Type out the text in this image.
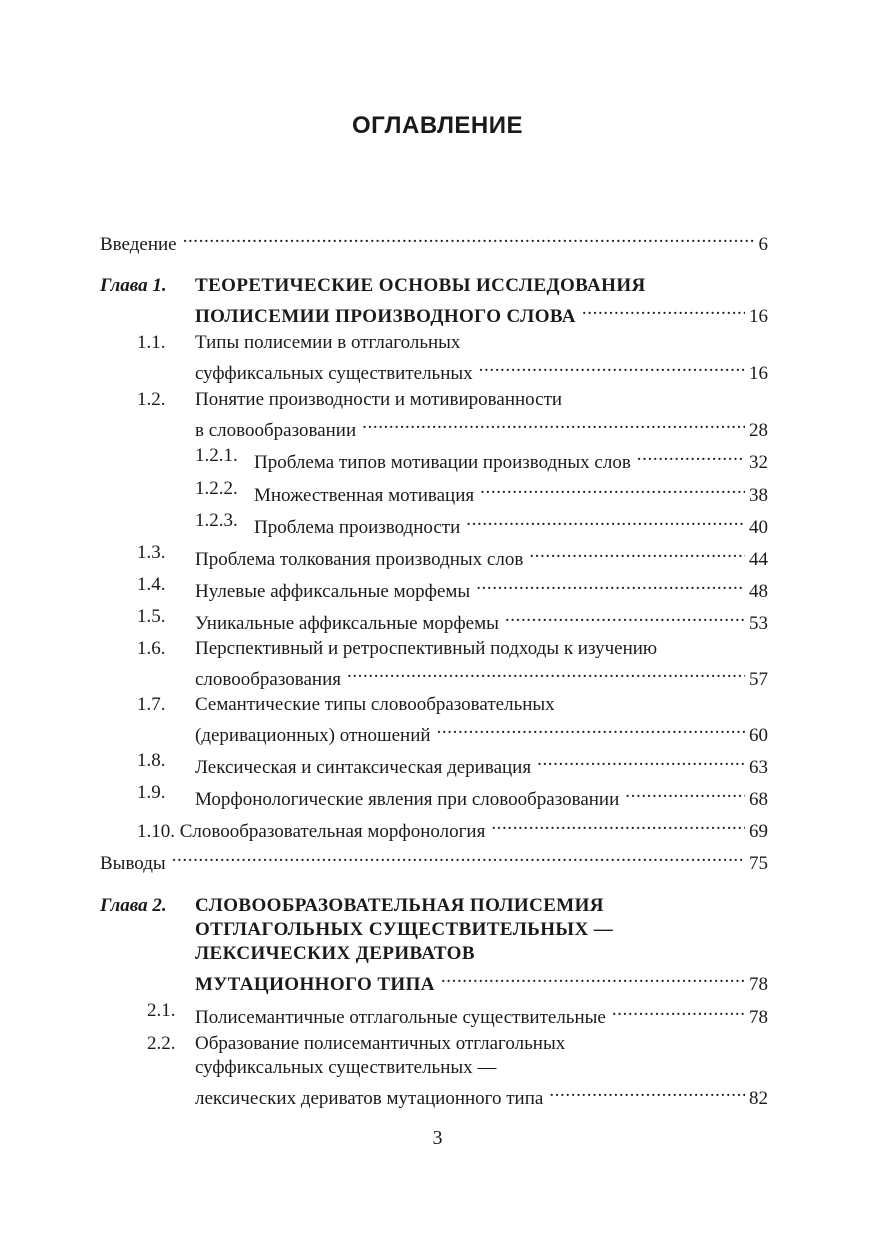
ОГЛАВЛЕНИЕ
Введение .....	6
Глава 1. ТЕОРЕТИЧЕСКИЕ ОСНОВЫ ИССЛЕДОВАНИЯ
ПОЛИСЕМИИ ПРОИЗВОДНОГО СЛОВА .....	16
1.1. Типы полисемии в отглагольных
суффиксальных существительных .....	16
1.2. Понятие производности и мотивированности
в словообразовании .....	28
1.2.1. Проблема типов мотивации производных слов .....	32
1.2.2. Множественная мотивация .....	38
1.2.3. Проблема производности .....	40
1.3. Проблема толкования производных слов .....	44
1.4. Нулевые аффиксальные морфемы .....	48
1.5. Уникальные аффиксальные морфемы .....	53
1.6. Перспективный и ретроспективный подходы к изучению
словообразования .....	57
1.7. Семантические типы словообразовательных
(деривационных) отношений .....	60
1.8. Лексическая и синтаксическая деривация .....	63
1.9. Морфонологические явления при словообразовании .....	68
1.10. Словообразовательная морфонология .....	69
Выводы .....	75
Глава 2. СЛОВООБРАЗОВАТЕЛЬНАЯ ПОЛИСЕМИЯ
ОТГЛАГОЛЬНЫХ СУЩЕСТВИТЕЛЬНЫХ —
ЛЕКСИЧЕСКИХ ДЕРИВАТОВ
МУТАЦИОННОГО ТИПА .....	78
2.1. Полисемантичные отглагольные существительные .....	78
2.2. Образование полисемантичных отглагольных
суффиксальных существительных —
лексических дериватов мутационного типа .....	82
3
